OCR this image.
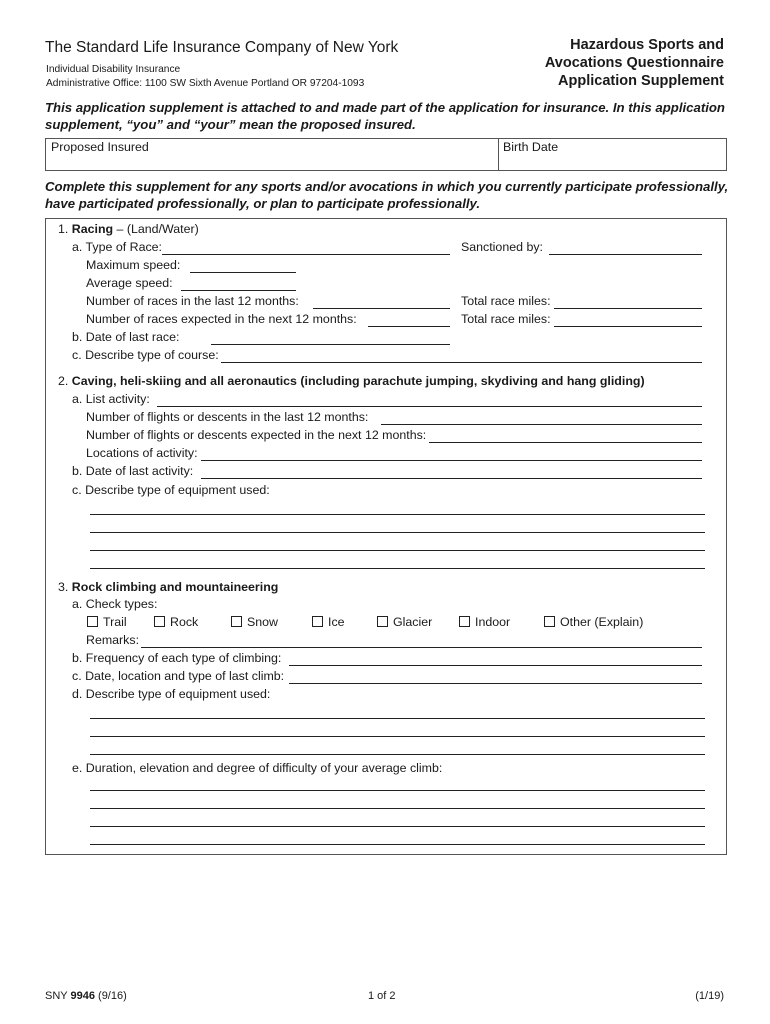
The Standard Life Insurance Company of New York
Individual Disability Insurance
Administrative Office: 1100 SW Sixth Avenue Portland OR 97204-1093
Hazardous Sports and
Avocations Questionnaire
Application Supplement
This application supplement is attached to and made part of the application for insurance. In this application
supplement, “you” and “your” mean the proposed insured.
Proposed Insured	Birth Date
Complete this supplement for any sports and/or avocations in which you currently participate professionally,
have participated professionally, or plan to participate professionally.
1. Racing – (Land/Water)
a. Type of Race:	Sanctioned by:
Maximum speed:
Average speed:
Number of races in the last 12 months:	Total race miles:
Number of races expected in the next 12 months:	Total race miles:
b. Date of last race:
c. Describe type of course:
2. Caving, heli-skiing and all aeronautics (including parachute jumping, skydiving and hang gliding)
a. List activity:
Number of flights or descents in the last 12 months:
Number of flights or descents expected in the next 12 months:
Locations of activity:
b. Date of last activity:
c. Describe type of equipment used:
3. Rock climbing and mountaineering
a. Check types:
Trail	Rock	Snow	Ice	Glacier	Indoor	Other (Explain)
Remarks:
b. Frequency of each type of climbing:
c. Date, location and type of last climb:
d. Describe type of equipment used:
e. Duration, elevation and degree of difficulty of your average climb:
SNY 9946 (9/16)	1 of 2	(1/19)
